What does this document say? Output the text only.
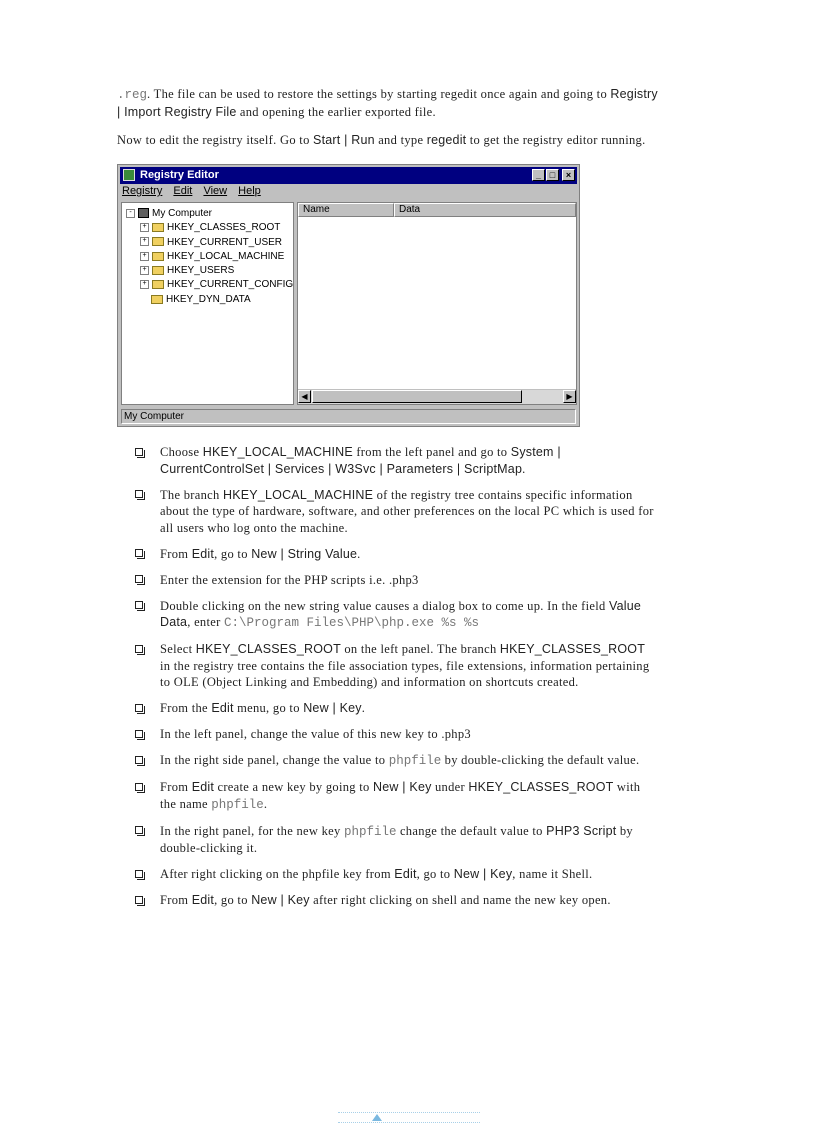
.reg. The file can be used to restore the settings by starting regedit once again and going to Registry
| Import Registry File and opening the earlier exported file.
Now to edit the registry itself. Go to Start | Run and type regedit to get the registry editor running.
Registry Editor	_ □	×
Registry Edit View Help
- My Computer
+ HKEY_CLASSES_ROOT
+ HKEY_CURRENT_USER
+ HKEY_LOCAL_MACHINE
+ HKEY_USERS
+ HKEY_CURRENT_CONFIG
HKEY_DYN_DATA
Name	Data
◀	▶
My Computer
Choose HKEY_LOCAL_MACHINE from the left panel and go to System |
CurrentControlSet | Services | W3Svc | Parameters | ScriptMap.
The branch HKEY_LOCAL_MACHINE of the registry tree contains specific information
about the type of hardware, software, and other preferences on the local PC which is used for
all users who log onto the machine.
From Edit, go to New | String Value.
Enter the extension for the PHP scripts i.e. .php3
Double clicking on the new string value causes a dialog box to come up. In the field Value
Data, enter C:\Program Files\PHP\php.exe %s %s
Select HKEY_CLASSES_ROOT on the left panel. The branch HKEY_CLASSES_ROOT
in the registry tree contains the file association types, file extensions, information pertaining
to OLE (Object Linking and Embedding) and information on shortcuts created.
From the Edit menu, go to New | Key.
In the left panel, change the value of this new key to .php3
In the right side panel, change the value to phpfile by double-clicking the default value.
From Edit create a new key by going to New | Key under HKEY_CLASSES_ROOT with
the name phpfile.
In the right panel, for the new key phpfile change the default value to PHP3 Script by
double-clicking it.
After right clicking on the phpfile key from Edit, go to New | Key, name it Shell.
From Edit, go to New | Key after right clicking on shell and name the new key open.
